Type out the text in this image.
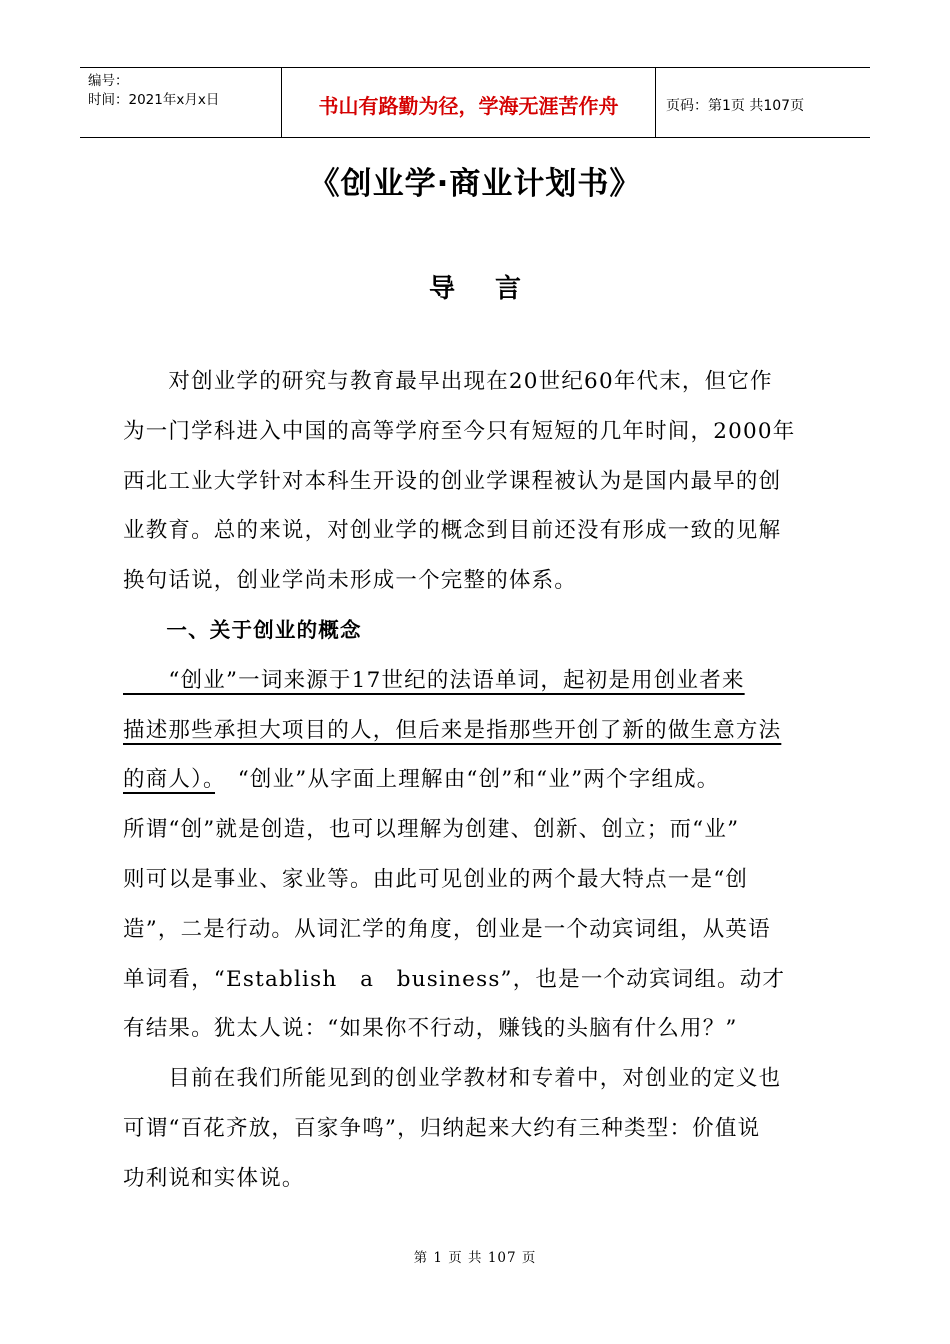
编号：
时间：2021年x月x日	书山有路勤为径，学海无涯苦作舟	页码：第1页 共107页
《创业学·商业计划书》
导言
　　对创业学的研究与教育最早出现在20世纪60年代末，但它作
为一门学科进入中国的高等学府至今只有短短的几年时间，2000年
西北工业大学针对本科生开设的创业学课程被认为是国内最早的创
业教育。总的来说，对创业学的概念到目前还没有形成一致的见解
换句话说，创业学尚未形成一个完整的体系。
　　一、关于创业的概念
　　“创业”一词来源于17世纪的法语单词，起初是用创业者来
描述那些承担大项目的人，但后来是指那些开创了新的做生意方法
的商人）。　“创业”从字面上理解由“创”和“业”两个字组成。
所谓“创”就是创造，也可以理解为创建、创新、创立；而“业”
则可以是事业、家业等。由此可见创业的两个最大特点一是“创
造”，二是行动。从词汇学的角度，创业是一个动宾词组，从英语
单词看，“Establish　a　business”，也是一个动宾词组。动才
有结果。犹太人说：“如果你不行动，赚钱的头脑有什么用？”
　　目前在我们所能见到的创业学教材和专着中，对创业的定义也
可谓“百花齐放，百家争鸣”，归纳起来大约有三种类型：价值说
功利说和实体说。
第 1 页 共 107 页
